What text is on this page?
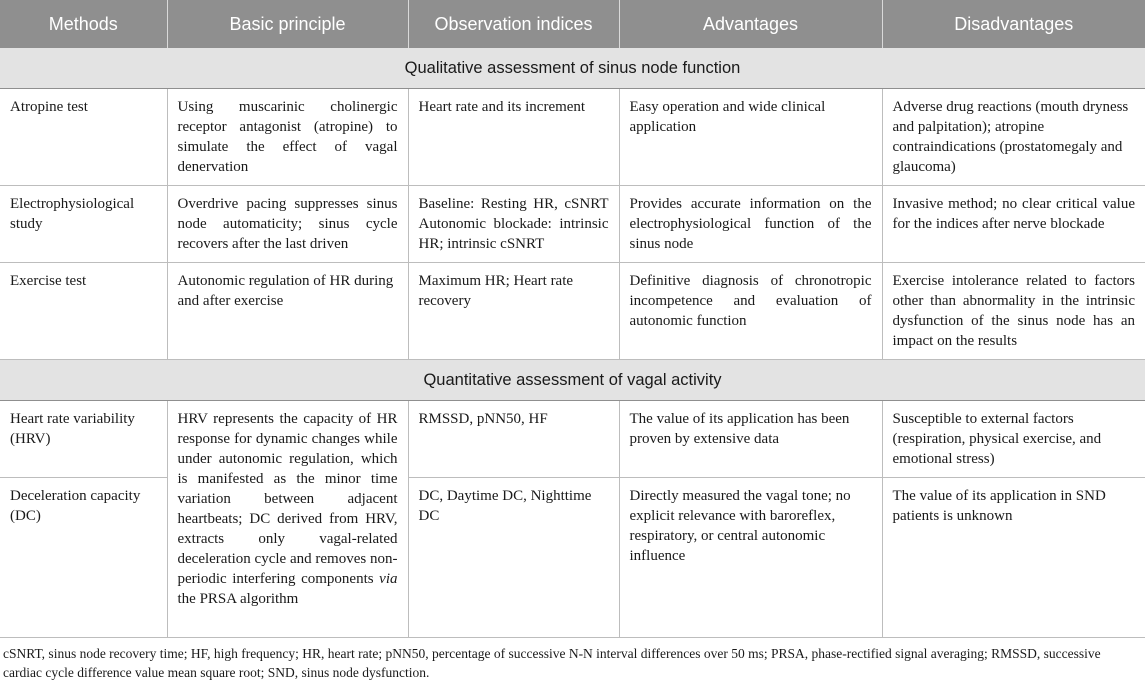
Methods	Basic principle	Observation indices	Advantages	Disadvantages
Qualitative assessment of sinus node function				
Atropine test	Using muscarinic cholinergic receptor antagonist (atropine) to simulate the effect of vagal denervation	Heart rate and its increment	Easy operation and wide clinical application	Adverse drug reactions (mouth dryness and palpitation); atropine contraindications (prostatomegaly and glaucoma)
Electrophysiological study	Overdrive pacing suppresses sinus node automaticity; sinus cycle recovers after the last driven	Baseline: Resting HR, cSNRT Autonomic blockade: intrinsic HR; intrinsic cSNRT	Provides accurate information on the electrophysiological function of the sinus node	Invasive method; no clear critical value for the indices after nerve blockade
Exercise test	Autonomic regulation of HR during and after exercise	Maximum HR; Heart rate recovery	Definitive diagnosis of chronotropic incompetence and evaluation of autonomic function	Exercise intolerance related to factors other than abnormality in the intrinsic dysfunction of the sinus node has an impact on the results
Quantitative assessment of vagal activity				
Heart rate variability (HRV)	HRV represents the capacity of HR response for dynamic changes while under autonomic regulation, which is manifested as the minor time variation between adjacent heartbeats; DC derived from HRV, extracts only vagal-related deceleration cycle and removes non-periodic interfering components via the PRSA algorithm	RMSSD, pNN50, HF	The value of its application has been proven by extensive data	Susceptible to external factors (respiration, physical exercise, and emotional stress)
Deceleration capacity (DC)		DC, Daytime DC, Nighttime DC	Directly measured the vagal tone; no explicit relevance with baroreflex, respiratory, or central autonomic influence	The value of its application in SND patients is unknown
cSNRT, sinus node recovery time; HF, high frequency; HR, heart rate; pNN50, percentage of successive N-N interval differences over 50 ms; PRSA, phase-rectified signal averaging; RMSSD, successive cardiac cycle difference value mean square root; SND, sinus node dysfunction.
